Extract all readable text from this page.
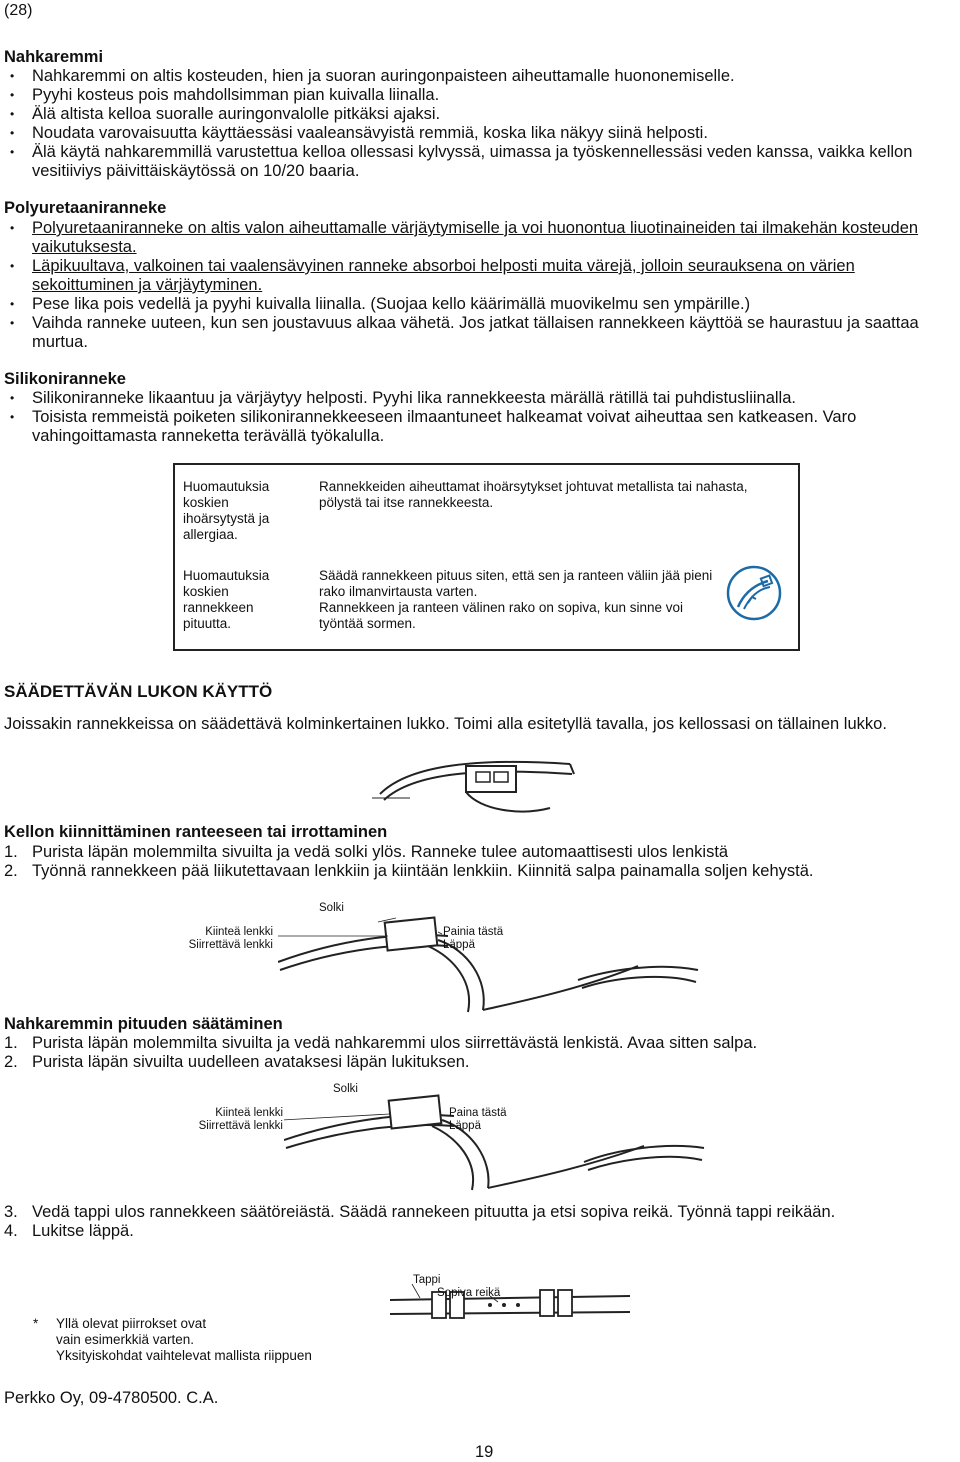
(28)
Nahkaremmi
• Nahkaremmi on altis kosteuden, hien ja suoran auringonpaisteen aiheuttamalle huononemiselle.
• Pyyhi kosteus pois mahdollsimman pian kuivalla liinalla.
• Älä altista kelloa suoralle auringonvalolle pitkäksi ajaksi.
• Noudata varovaisuutta käyttäessäsi vaaleansävyistä remmiä, koska lika näkyy siinä helposti.
• Älä käytä nahkaremmillä varustettua kelloa ollessasi kylvyssä, uimassa ja työskennellessäsi veden kanssa, vaikka kellon vesitiiviys päivittäiskäytössä on 10/20 baaria.
Polyuretaaniranneke
• Polyuretaaniranneke on altis valon aiheuttamalle värjäytymiselle ja voi huonontua liuotinaineiden tai ilmakehän kosteuden vaikutuksesta.
• Läpikuultava, valkoinen tai vaalensävyinen ranneke absorboi helposti muita värejä, jolloin seurauksena on värien sekoittuminen ja värjäytyminen.
• Pese lika pois vedellä ja pyyhi kuivalla liinalla. (Suojaa kello käärimällä muovikelmu sen ympärille.)
• Vaihda ranneke uuteen, kun sen joustavuus alkaa vähetä. Jos jatkat tällaisen rannekkeen käyttöä se haurastuu ja saattaa murtua.
Silikoniranneke
• Silikoniranneke likaantuu ja värjäytyy helposti. Pyyhi lika rannekkeesta märällä rätillä tai puhdistusliinalla.
• Toisista remmeistä poiketen silikonirannekkeeseen ilmaantuneet halkeamat voivat aiheuttaa sen katkeasen. Varo vahingoittamasta ranneketta terävällä työkalulla.
Huomautuksia koskien ihoärsytystä ja allergiaa.
Rannekkeiden aiheuttamat ihoärsytykset johtuvat metallista tai nahasta, pölystä tai itse rannekkeesta.
Huomautuksia koskien rannekkeen pituutta.
Säädä rannekkeen pituus siten, että sen ja ranteen väliin jää pieni rako ilmanvirtausta varten.
Rannekkeen ja ranteen välinen rako on sopiva, kun sinne voi työntää sormen.
SÄÄDETTÄVÄN LUKON KÄYTTÖ
Joissakin rannekkeissa on säädettävä kolminkertainen lukko. Toimi alla esitetyllä tavalla, jos kellossasi on tällainen lukko.
Kellon kiinnittäminen ranteeseen tai irrottaminen
1. Purista läpän molemmilta sivuilta ja vedä solki ylös. Ranneke tulee automaattisesti ulos lenkistä
2. Työnnä rannekkeen pää liikutettavaan lenkkiin ja kiintään lenkkiin. Kiinnitä salpa painamalla soljen kehystä.
Solki
Kiinteä lenkki
Siirrettävä lenkki
Painia tästä
Läppä
Nahkaremmin pituuden säätäminen
1. Purista läpän molemmilta sivuilta ja vedä nahkaremmi ulos siirrettävästä lenkistä. Avaa sitten salpa.
2. Purista läpän sivuilta uudelleen avataksesi läpän lukituksen.
Solki
Kiinteä lenkki
Siirrettävä lenkki
Paina tästä
Läppä
3. Vedä tappi ulos rannekkeen säätöreiästä. Säädä rannekeen pituutta ja etsi sopiva reikä. Työnnä tappi reikään.
4. Lukitse läppä.
Tappi
Sopiva reikä
* Yllä olevat piirrokset ovat
vain esimerkkiä varten.
Yksityiskohdat vaihtelevat mallista riippuen
Perkko Oy, 09-4780500. C.A.
19
